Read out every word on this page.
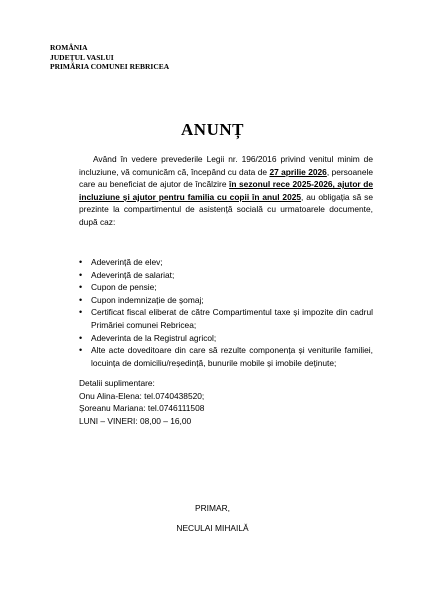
ROMÂNIA
JUDEȚUL VASLUI
PRIMĂRIA COMUNEI REBRICEA
ANUNȚ
Având în vedere prevederile Legii nr. 196/2016 privind venitul minim de incluziune, vă comunicăm că, începând cu data de 27 aprilie 2026, persoanele care au beneficiat de ajutor de încălzire în sezonul rece 2025-2026, ajutor de incluziune și ajutor pentru familia cu copii în anul 2025, au obligația să se prezinte la compartimentul de asistență socială cu urmatoarele documente, după caz:
• Adeverință de elev;
• Adeverință de salariat;
• Cupon de pensie;
• Cupon indemnizație de șomaj;
• Certificat fiscal eliberat de către Compartimentul taxe și impozite din cadrul Primăriei comunei Rebricea;
• Adeverinta de la Registrul agricol;
• Alte acte doveditoare din care să rezulte componența și veniturile familiei, locuința de domiciliu/reședință, bunurile mobile și imobile deținute;
Detalii suplimentare:
Onu Alina-Elena: tel.0740438520;
Șoreanu Mariana: tel.0746111508
LUNI – VINERI: 08,00 – 16,00
PRIMAR,
NECULAI MIHAILĂ
